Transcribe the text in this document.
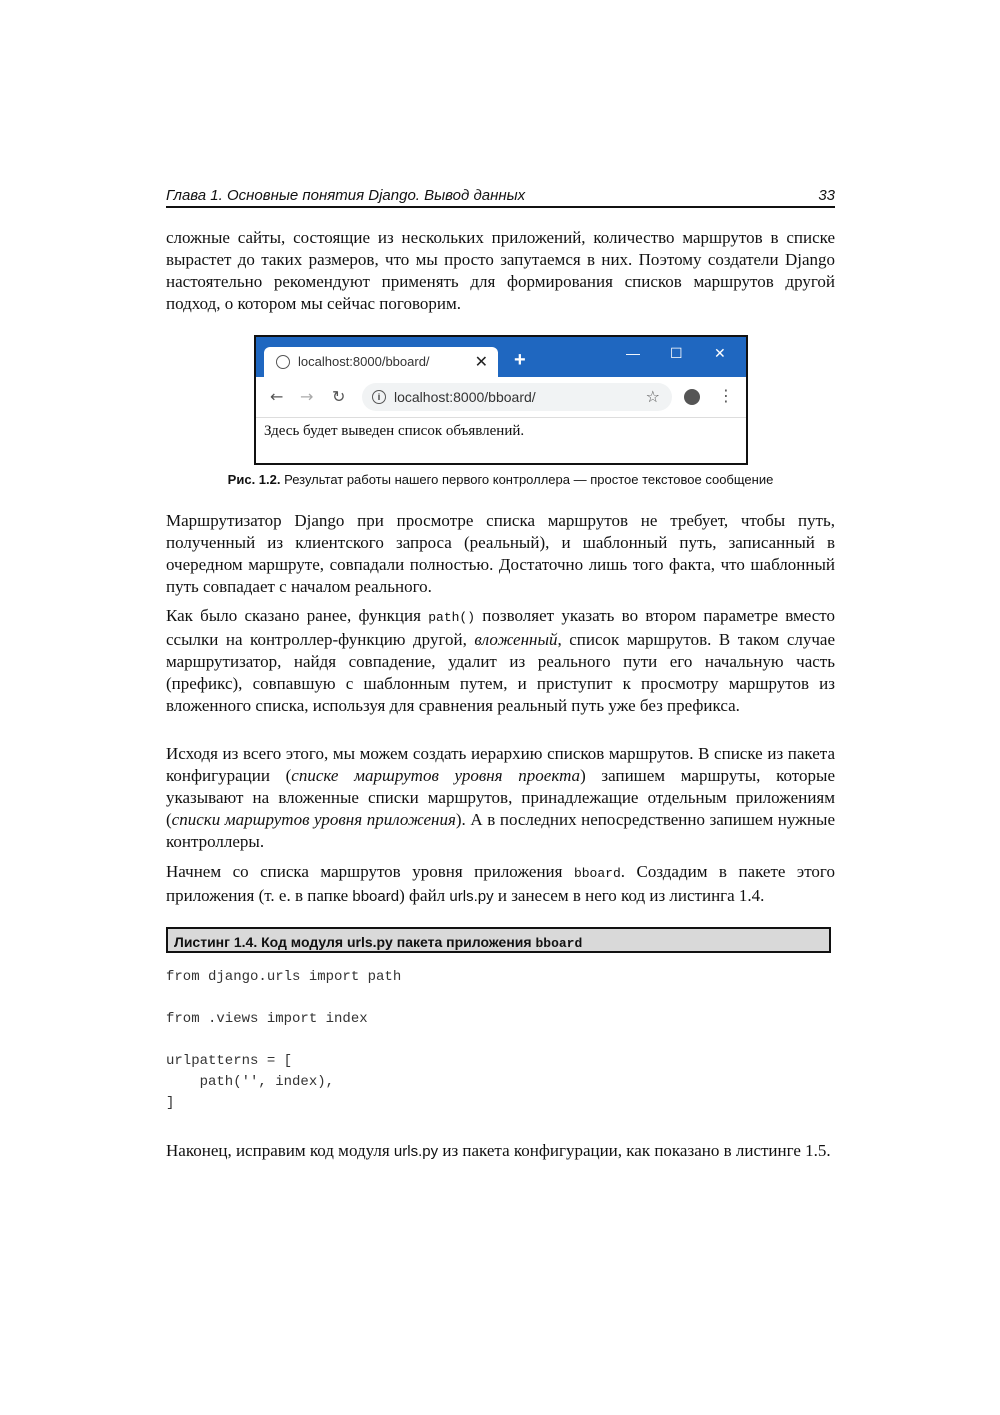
Глава 1. Основные понятия Django. Вывод данных	33

сложные сайты, состоящие из нескольких приложений, количество маршрутов в списке вырастет до таких размеров, что мы просто запутаемся в них. Поэтому создатели Django настоятельно рекомендуют применять для формирования списков маршрутов другой подход, о котором мы сейчас поговорим.

localhost:8000/bboard/	✕ +	— ☐ ✕
← → ↻	i localhost:8000/bboard/	☆	⋮
Здесь будет выведен список объявлений.
Рис. 1.2. Результат работы нашего первого контроллера — простое текстовое сообщение

Маршрутизатор Django при просмотре списка маршрутов не требует, чтобы путь, полученный из клиентского запроса (реальный), и шаблонный путь, записанный в очередном маршруте, совпадали полностью. Достаточно лишь того факта, что шаблонный путь совпадает с началом реального.

Как было сказано ранее, функция path() позволяет указать во втором параметре вместо ссылки на контроллер-функцию другой, вложенный, список маршрутов. В таком случае маршрутизатор, найдя совпадение, удалит из реального пути его начальную часть (префикс), совпавшую с шаблонным путем, и приступит к просмотру маршрутов из вложенного списка, используя для сравнения реальный путь уже без префикса.

Исходя из всего этого, мы можем создать иерархию списков маршрутов. В списке из пакета конфигурации (списке маршрутов уровня проекта) запишем маршруты, которые указывают на вложенные списки маршрутов, принадлежащие отдельным приложениям (списки маршрутов уровня приложения). А в последних непосредственно запишем нужные контроллеры.

Начнем со списка маршрутов уровня приложения bboard. Создадим в пакете этого приложения (т. е. в папке bboard) файл urls.py и занесем в него код из листинга 1.4.

Листинг 1.4. Код модуля urls.py пакета приложения bboard
from django.urls import path

from .views import index

urlpatterns = [
path('', index),
]

Наконец, исправим код модуля urls.py из пакета конфигурации, как показано в листинге 1.5.
